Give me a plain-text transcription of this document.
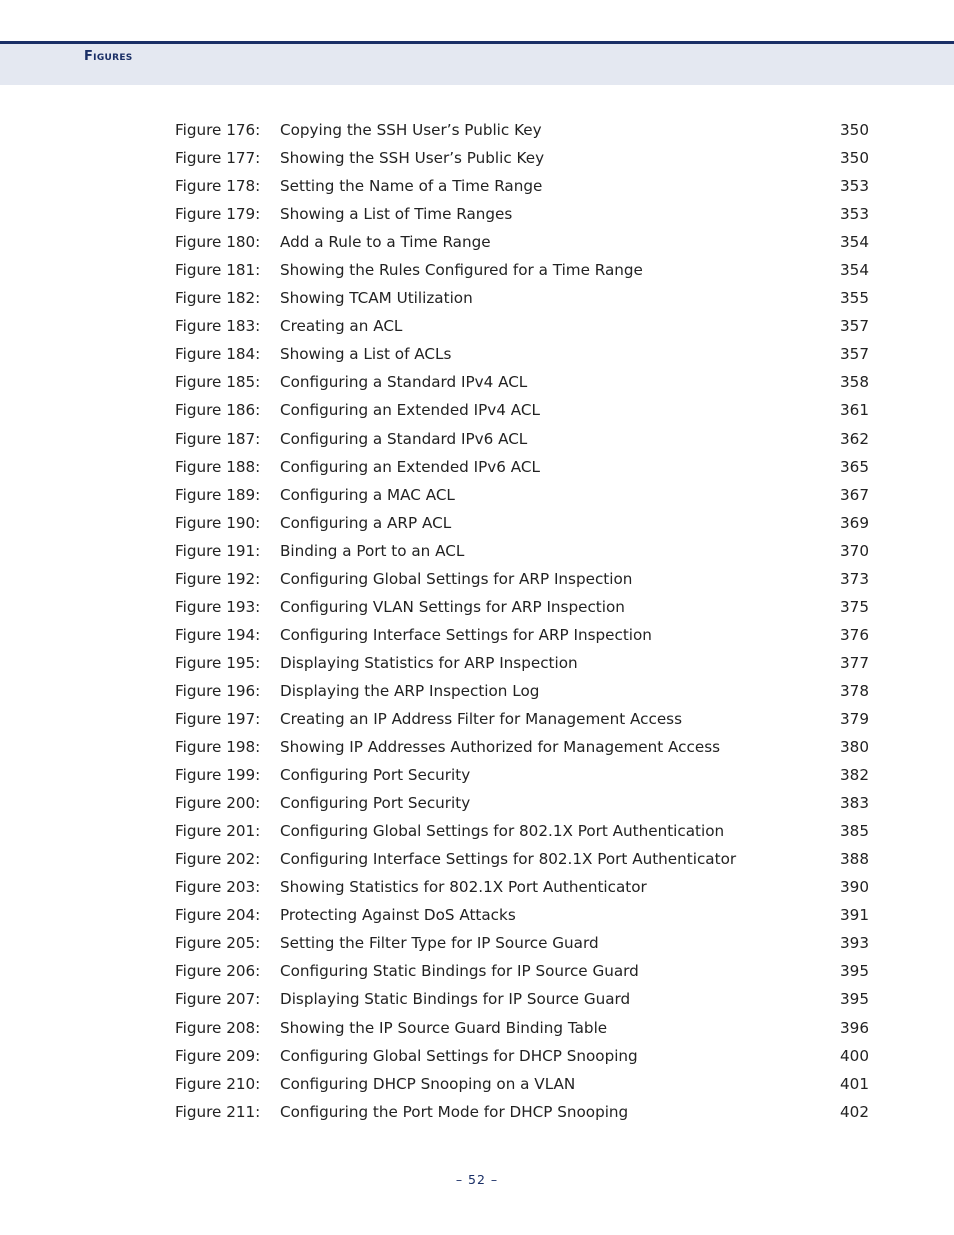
Figures
Figure 176: Copying the SSH User’s Public Key	350
Figure 177: Showing the SSH User’s Public Key	350
Figure 178: Setting the Name of a Time Range	353
Figure 179: Showing a List of Time Ranges	353
Figure 180: Add a Rule to a Time Range	354
Figure 181: Showing the Rules Configured for a Time Range	354
Figure 182: Showing TCAM Utilization	355
Figure 183: Creating an ACL	357
Figure 184: Showing a List of ACLs	357
Figure 185: Configuring a Standard IPv4 ACL	358
Figure 186: Configuring an Extended IPv4 ACL	361
Figure 187: Configuring a Standard IPv6 ACL	362
Figure 188: Configuring an Extended IPv6 ACL	365
Figure 189: Configuring a MAC ACL	367
Figure 190: Configuring a ARP ACL	369
Figure 191: Binding a Port to an ACL	370
Figure 192: Configuring Global Settings for ARP Inspection	373
Figure 193: Configuring VLAN Settings for ARP Inspection	375
Figure 194: Configuring Interface Settings for ARP Inspection	376
Figure 195: Displaying Statistics for ARP Inspection	377
Figure 196: Displaying the ARP Inspection Log	378
Figure 197: Creating an IP Address Filter for Management Access	379
Figure 198: Showing IP Addresses Authorized for Management Access	380
Figure 199: Configuring Port Security	382
Figure 200: Configuring Port Security	383
Figure 201: Configuring Global Settings for 802.1X Port Authentication	385
Figure 202: Configuring Interface Settings for 802.1X Port Authenticator	388
Figure 203: Showing Statistics for 802.1X Port Authenticator	390
Figure 204: Protecting Against DoS Attacks	391
Figure 205: Setting the Filter Type for IP Source Guard	393
Figure 206: Configuring Static Bindings for IP Source Guard	395
Figure 207: Displaying Static Bindings for IP Source Guard	395
Figure 208: Showing the IP Source Guard Binding Table	396
Figure 209: Configuring Global Settings for DHCP Snooping	400
Figure 210: Configuring DHCP Snooping on a VLAN	401
Figure 211: Configuring the Port Mode for DHCP Snooping	402
– 52 –
